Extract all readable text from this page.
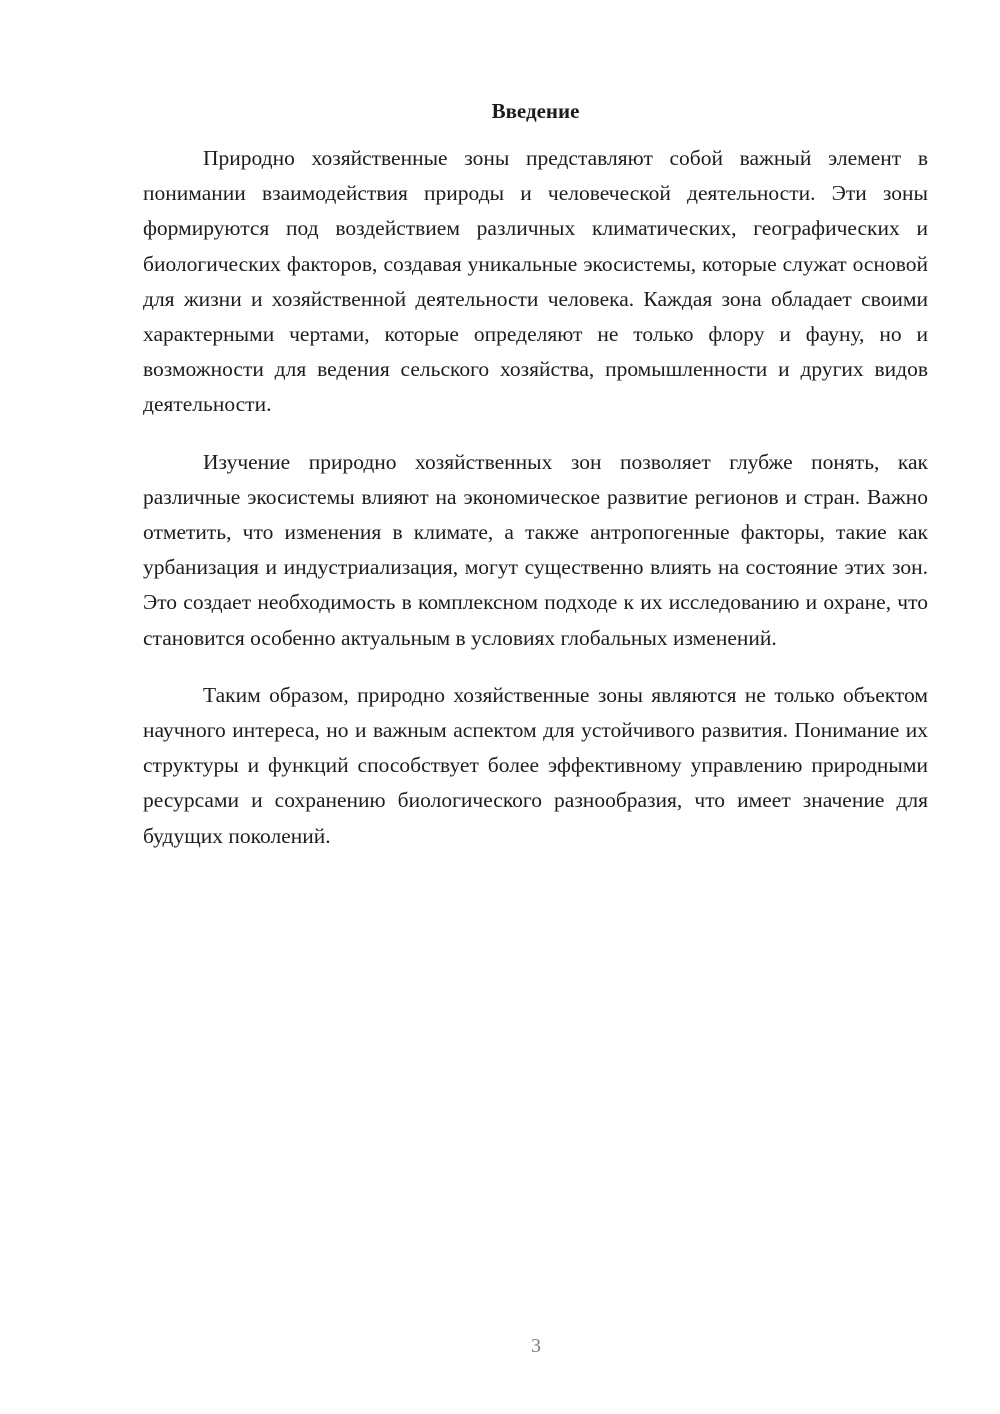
Введение

Природно хозяйственные зоны представляют собой важный элемент в понимании взаимодействия природы и человеческой деятельности. Эти зоны формируются под воздействием различных климатических, географических и биологических факторов, создавая уникальные экосистемы, которые служат основой для жизни и хозяйственной деятельности человека. Каждая зона обладает своими характерными чертами, которые определяют не только флору и фауну, но и возможности для ведения сельского хозяйства, промышленности и других видов деятельности.

Изучение природно хозяйственных зон позволяет глубже понять, как различные экосистемы влияют на экономическое развитие регионов и стран. Важно отметить, что изменения в климате, а также антропогенные факторы, такие как урбанизация и индустриализация, могут существенно влиять на состояние этих зон. Это создает необходимость в комплексном подходе к их исследованию и охране, что становится особенно актуальным в условиях глобальных изменений.

Таким образом, природно хозяйственные зоны являются не только объектом научного интереса, но и важным аспектом для устойчивого развития. Понимание их структуры и функций способствует более эффективному управлению природными ресурсами и сохранению биологического разнообразия, что имеет значение для будущих поколений.

3
